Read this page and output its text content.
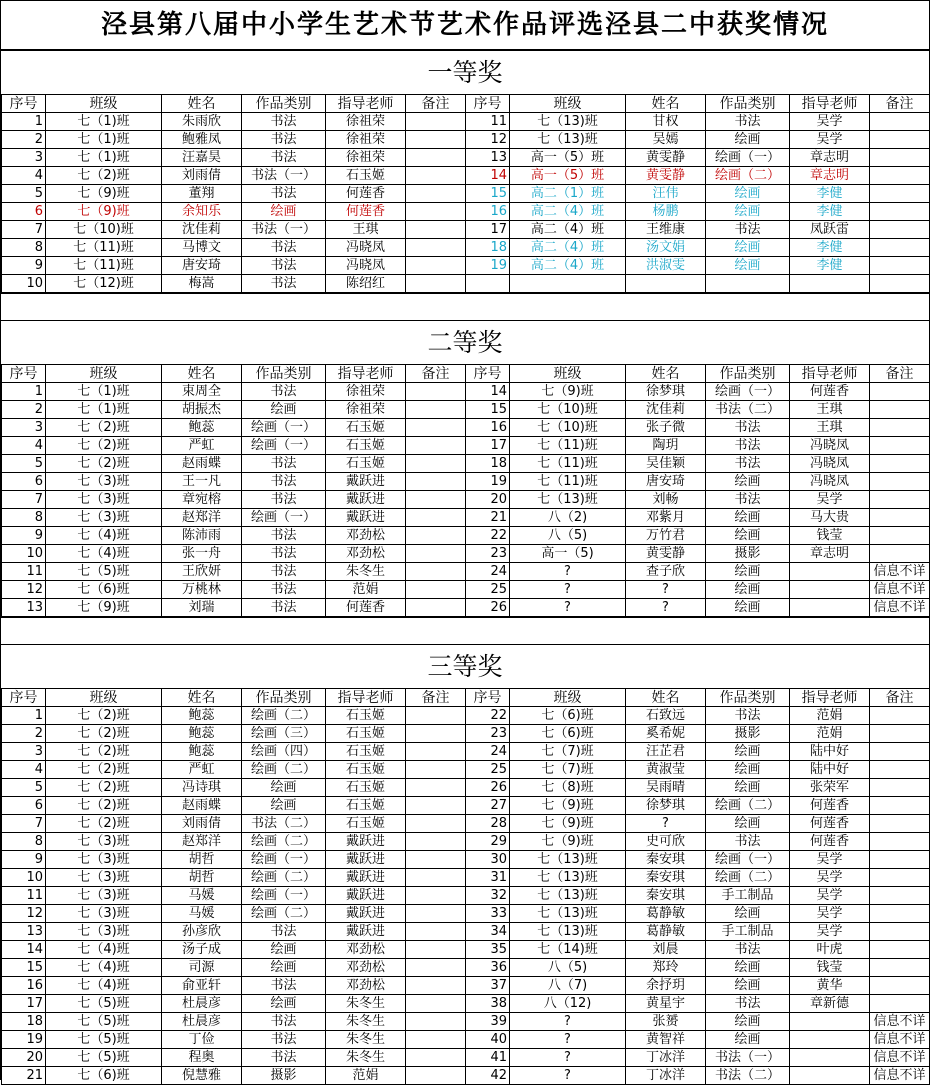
泾县第八届中小学生艺术节艺术作品评选泾县二中获奖情况
一等奖
序号	班级	姓名	作品类别	指导老师	备注
1	七（1)班	朱雨欣	书法	徐祖荣	
2	七（1)班	鲍雅凤	书法	徐祖荣	
3	七（1)班	汪嘉昊	书法	徐祖荣	
4	七（2)班	刘雨倩	书法（一）	石玉姬	
5	七（9)班	董翔	书法	何莲香	
6	七（9)班	余知乐	绘画	何莲香	
7	七（10)班	沈佳莉	书法（一）	王琪	
8	七（11)班	马博文	书法	冯晓凤	
9	七（11)班	唐安琦	书法	冯晓凤	
10	七（12)班	梅嵩	书法	陈绍红	
序号	班级	姓名	作品类别	指导老师	备注
11	七（13)班	甘权	书法	吴学	
12	七（13)班	吴嫣	绘画	吴学	
13	高一（5）班	黄雯静	绘画（一）	章志明	
14	高一（5）班	黄雯静	绘画（二）	章志明	
15	高二（1）班	汪伟	绘画	李健	
16	高二（4）班	杨鹏	绘画	李健	
17	高二（4）班	王维康	书法	凤跃雷	
18	高二（4）班	汤文娟	绘画	李健	
19	高二（4）班	洪淑雯	绘画	李健	

二等奖
序号	班级	姓名	作品类别	指导老师	备注
1	七（1)班	束周全	书法	徐祖荣	
2	七（1)班	胡振杰	绘画	徐祖荣	
3	七（2)班	鲍蕊	绘画（一）	石玉姬	
4	七（2)班	严虹	绘画（一）	石玉姬	
5	七（2)班	赵雨蝶	书法	石玉姬	
6	七（3)班	王一凡	书法	戴跃进	
7	七（3)班	章宛榕	书法	戴跃进	
8	七（3)班	赵郑洋	绘画（一）	戴跃进	
9	七（4)班	陈沛雨	书法	邓劲松	
10	七（4)班	张一舟	书法	邓劲松	
11	七（5)班	王欣妍	书法	朱冬生	
12	七（6)班	万桃林	书法	范娟	
13	七（9)班	刘瑞	书法	何莲香	
序号	班级	姓名	作品类别	指导老师	备注
14	七（9)班	徐梦琪	绘画（一）	何莲香	
15	七（10)班	沈佳莉	书法（二）	王琪	
16	七（10)班	张子微	书法	王琪	
17	七（11)班	陶玥	书法	冯晓凤	
18	七（11)班	吴佳颖	书法	冯晓凤	
19	七（11)班	唐安琦	绘画	冯晓凤	
20	七（13)班	刘畅	书法	吴学	
21	八（2)	邓紫月	绘画	马大贵	
22	八（5)	万竹君	绘画	钱莹	
23	高一（5)	黄雯静	摄影	章志明	
24	?	查子欣	绘画		信息不详
25	?	?	绘画		信息不详
26	?	?	绘画		信息不详
三等奖
序号	班级	姓名	作品类别	指导老师	备注
1	七（2)班	鲍蕊	绘画（二）	石玉姬	
2	七（2)班	鲍蕊	绘画（三）	石玉姬	
3	七（2)班	鲍蕊	绘画（四）	石玉姬	
4	七（2)班	严虹	绘画（二）	石玉姬	
5	七（2)班	冯诗琪	绘画	石玉姬	
6	七（2)班	赵雨蝶	绘画	石玉姬	
7	七（2)班	刘雨倩	书法（二）	石玉姬	
8	七（3)班	赵郑洋	绘画（二）	戴跃进	
9	七（3)班	胡哲	绘画（一）	戴跃进	
10	七（3)班	胡哲	绘画（二）	戴跃进	
11	七（3)班	马媛	绘画（一）	戴跃进	
12	七（3)班	马媛	绘画（二）	戴跃进	
13	七（3)班	孙彦欣	书法	戴跃进	
14	七（4)班	汤子成	绘画	邓劲松	
15	七（4)班	司源	绘画	邓劲松	
16	七（4)班	俞亚轩	书法	邓劲松	
17	七（5)班	杜晨彦	绘画	朱冬生	
18	七（5)班	杜晨彦	书法	朱冬生	
19	七（5)班	丁俭	书法	朱冬生	
20	七（5)班	程奥	书法	朱冬生	
21	七（6)班	倪慧雅	摄影	范娟	
序号	班级	姓名	作品类别	指导老师	备注
22	七（6)班	石致远	书法	范娟	
23	七（6)班	奚希妮	摄影	范娟	
24	七（7)班	汪芷君	绘画	陆中好	
25	七（7)班	黄淑莹	绘画	陆中好	
26	七（8)班	吴雨晴	绘画	张荣军	
27	七（9)班	徐梦琪	绘画（二）	何莲香	
28	七（9)班	?	绘画	何莲香	
29	七（9)班	史可欣	书法	何莲香	
30	七（13)班	秦安琪	绘画（一）	吴学	
31	七（13)班	秦安琪	绘画（二）	吴学	
32	七（13)班	秦安琪	手工制品	吴学	
33	七（13)班	葛静敏	绘画	吴学	
34	七（13)班	葛静敏	手工制品	吴学	
35	七（14)班	刘晨	书法	叶虎	
36	八（5)	郑玲	绘画	钱莹	
37	八（7)	余抒玥	绘画	黄华	
38	八（12)	黄星宇	书法	章新德	
39	?	张赟	绘画		信息不详
40	?	黄智祥	绘画		信息不详
41	?	丁冰洋	书法（一）		信息不详
42	?	丁冰洋	书法（二）		信息不详
